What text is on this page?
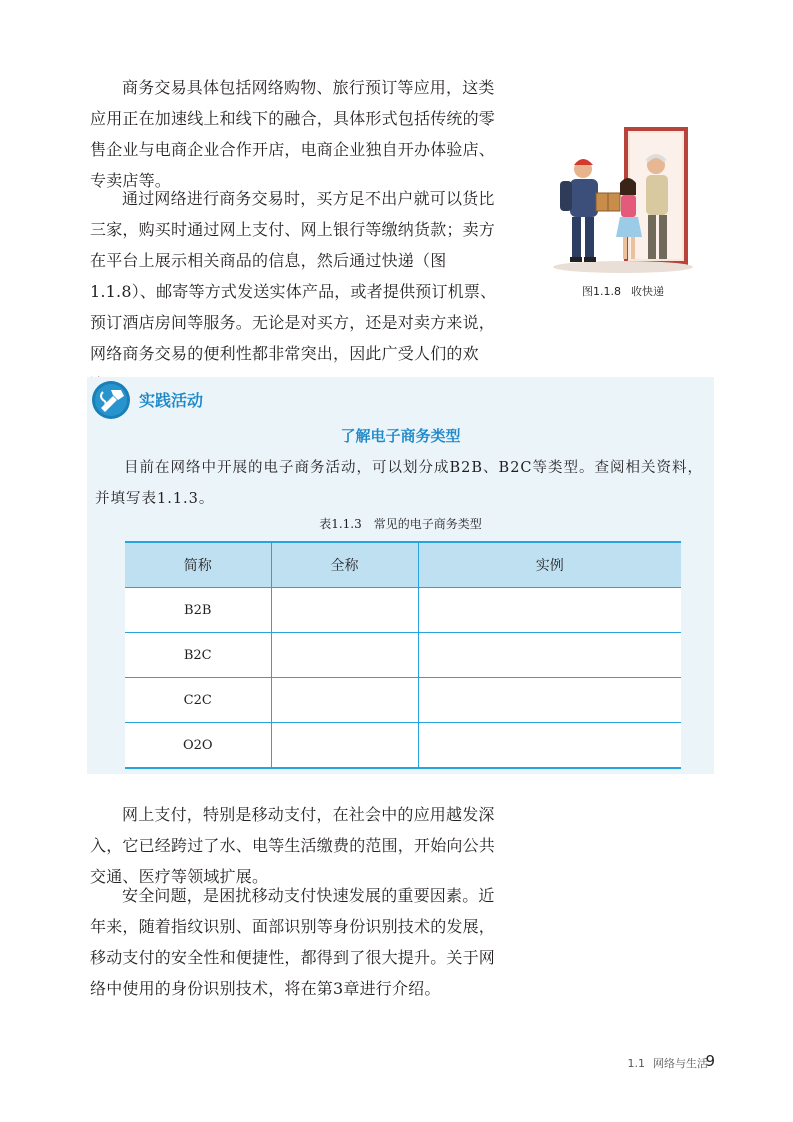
商务交易具体包括网络购物、旅行预订等应用，这类应用正在加速线上和线下的融合，具体形式包括传统的零售企业与电商企业合作开店，电商企业独自开办体验店、专卖店等。

通过网络进行商务交易时，买方足不出户就可以货比三家，购买时通过网上支付、网上银行等缴纳货款；卖方在平台上展示相关商品的信息，然后通过快递（图1.1.8）、邮寄等方式发送实体产品，或者提供预订机票、预订酒店房间等服务。无论是对买方，还是对卖方来说，网络商务交易的便利性都非常突出，因此广受人们的欢

图1.1.8 收快递
实践活动
了解电子商务类型

目前在网络中开展的电子商务活动，可以划分成B2B、B2C等类型。查阅相关资料，并填写表1.1.3。

表1.1.3 常见的电子商务类型
简称	全称	实例
B2B		
B2C		
C2C		
O2O		

网上支付，特别是移动支付，在社会中的应用越发深入，它已经跨过了水、电等生活缴费的范围，开始向公共交通、医疗等领域扩展。

安全问题，是困扰移动支付快速发展的重要因素。近年来，随着指纹识别、面部识别等身份识别技术的发展，移动支付的安全性和便捷性，都得到了很大提升。关于网络中使用的身份识别技术，将在第3章进行介绍。

1.1 网络与生活
9
